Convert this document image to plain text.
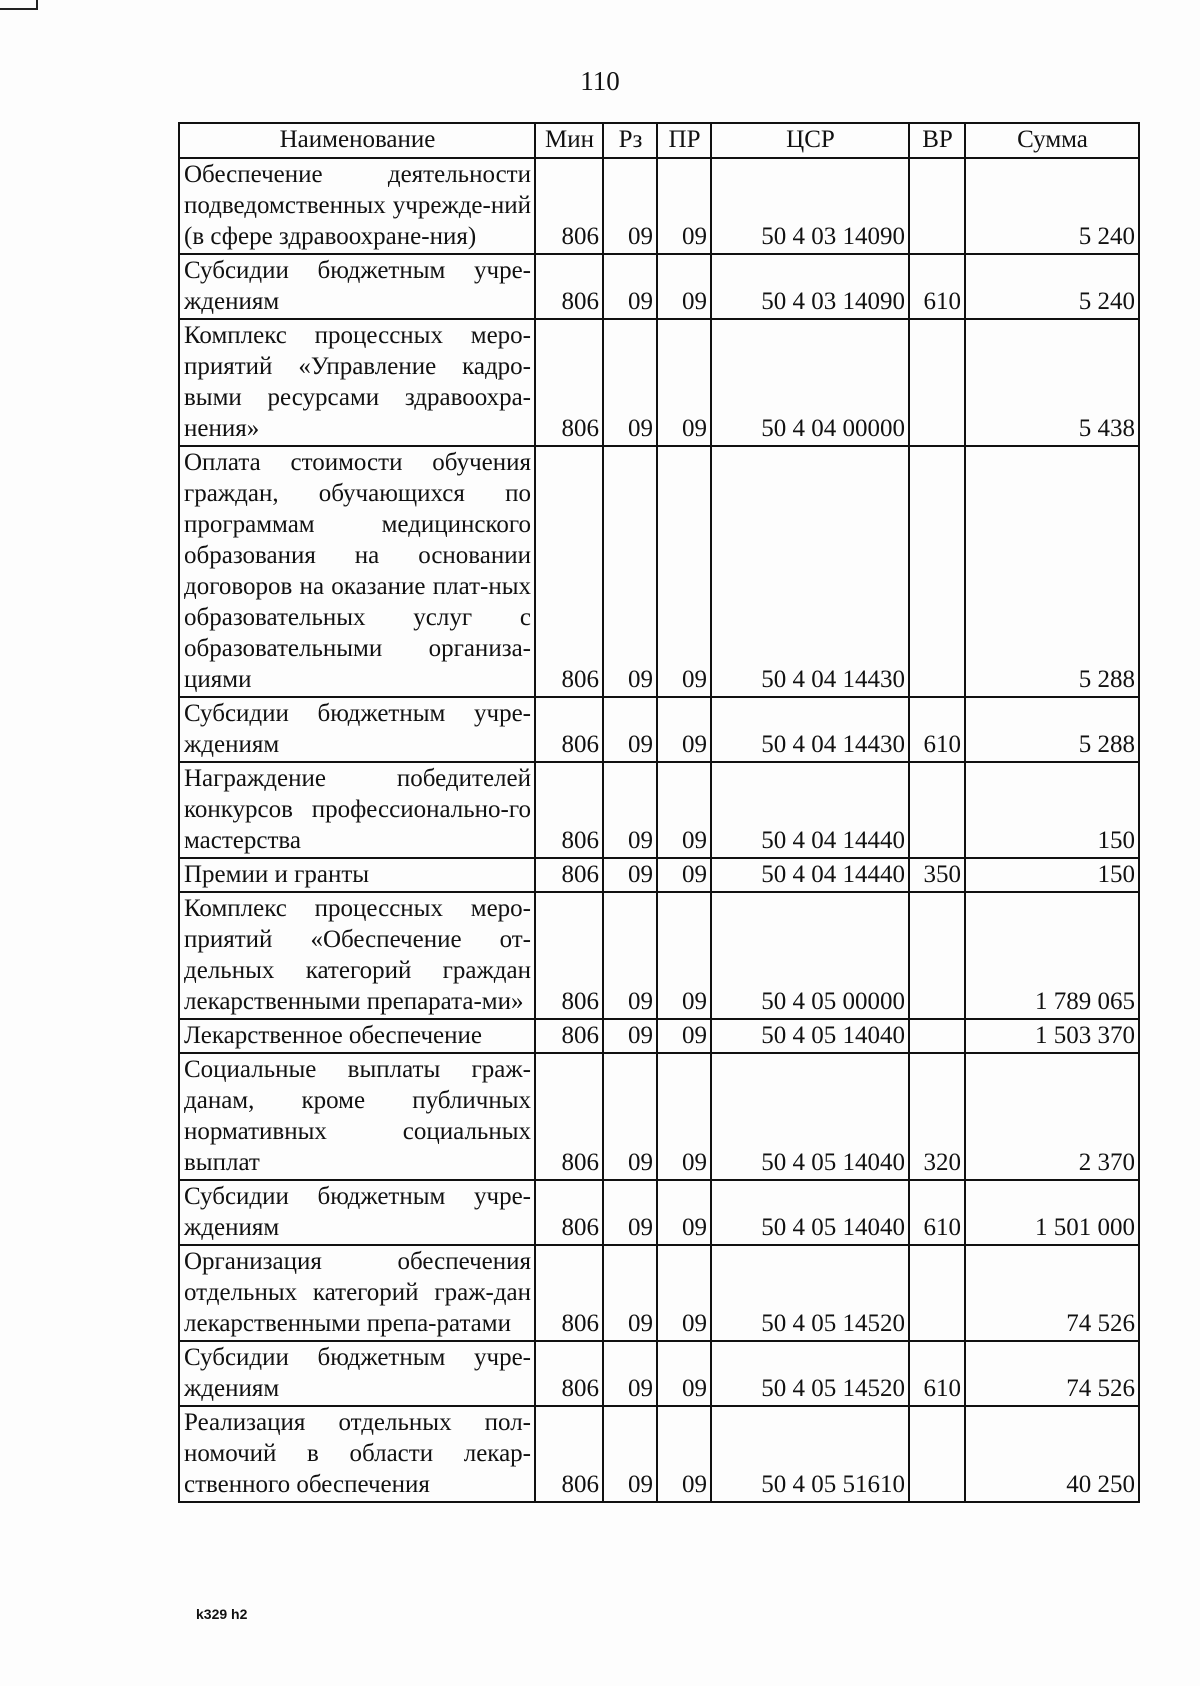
110
Наименование	Мин	Рз	ПР	ЦСР	ВР	Сумма
Обеспечение деятельности подведомственных учрежде-ний (в сфере здравоохране-ния)	806	09	09	50 4 03 14090		5 240
Субсидии бюджетным учре-ждениям	806	09	09	50 4 03 14090	610	5 240
Комплекс процессных меро-приятий «Управление кадро-выми ресурсами здравоохра-нения»	806	09	09	50 4 04 00000		5 438
Оплата стоимости обучения граждан, обучающихся по программам медицинского образования на основании договоров на оказание плат-ных образовательных услуг с образовательными организа-циями	806	09	09	50 4 04 14430		5 288
Субсидии бюджетным учре-ждениям	806	09	09	50 4 04 14430	610	5 288
Награждение победителей конкурсов профессионально-го мастерства	806	09	09	50 4 04 14440		150
Премии и гранты	806	09	09	50 4 04 14440	350	150
Комплекс процессных меро-приятий «Обеспечение от-дельных категорий граждан лекарственными препарата-ми»	806	09	09	50 4 05 00000		1 789 065
Лекарственное обеспечение	806	09	09	50 4 05 14040		1 503 370
Социальные выплаты граж-данам, кроме публичных нормативных социальных выплат	806	09	09	50 4 05 14040	320	2 370
Субсидии бюджетным учре-ждениям	806	09	09	50 4 05 14040	610	1 501 000
Организация обеспечения отдельных категорий граж-дан лекарственными препа-ратами	806	09	09	50 4 05 14520		74 526
Субсидии бюджетным учре-ждениям	806	09	09	50 4 05 14520	610	74 526
Реализация отдельных пол-номочий в области лекар-ственного обеспечения	806	09	09	50 4 05 51610		40 250
k329 h2
